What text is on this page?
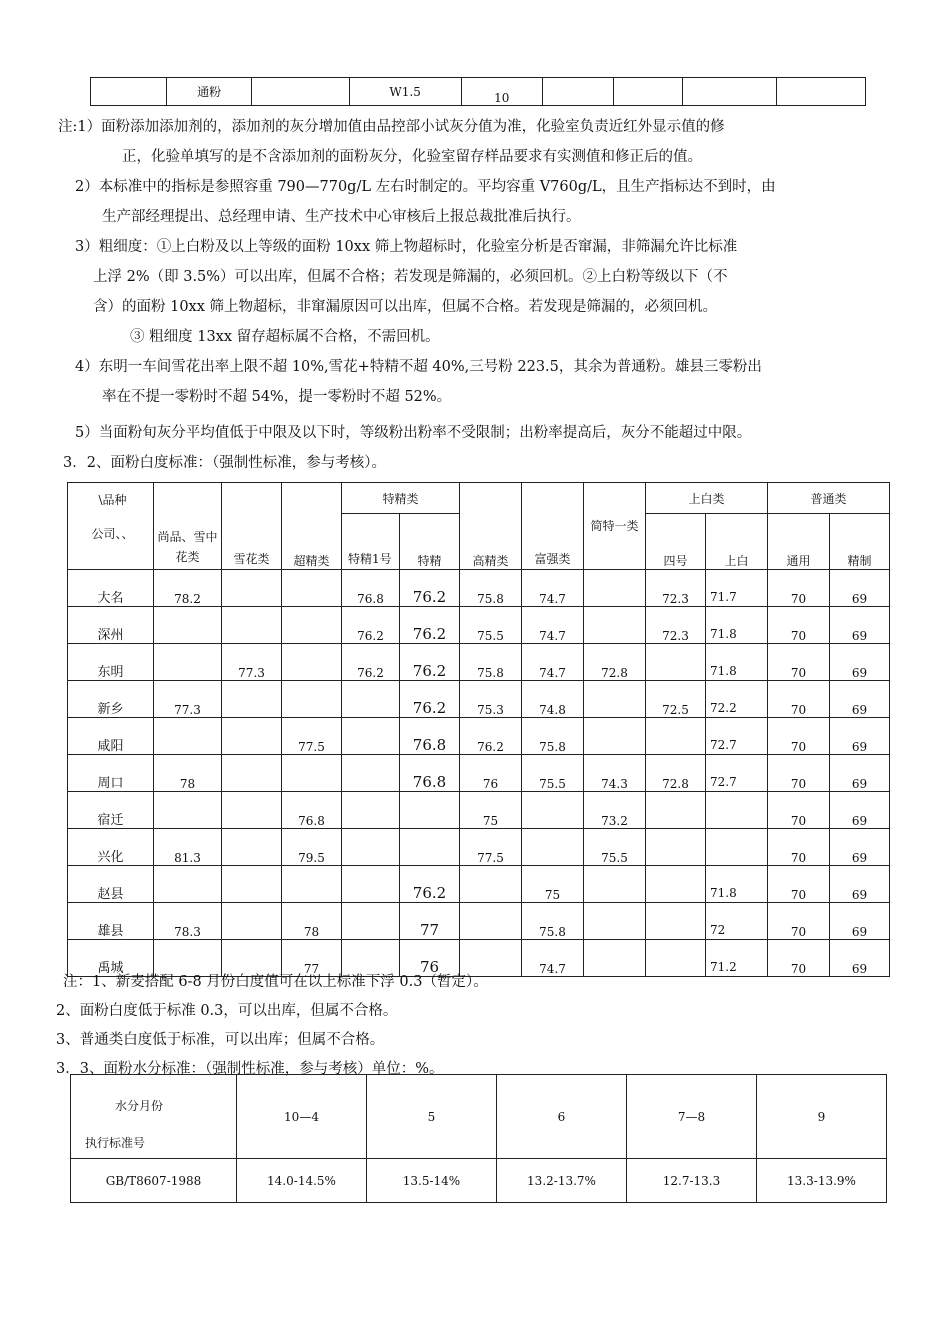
	通粉		W1.5	10				
注:1）面粉添加添加剂的，添加剂的灰分增加值由品控部小试灰分值为准，化验室负责近红外显示值的修
正，化验单填写的是不含添加剂的面粉灰分，化验室留存样品要求有实测值和修正后的值。
2）本标准中的指标是参照容重 790—770g/L 左右时制定的。平均容重 V760g/L，且生产指标达不到时，由
生产部经理提出、总经理申请、生产技术中心审核后上报总裁批准后执行。
3）粗细度：①上白粉及以上等级的面粉 10xx 筛上物超标时，化验室分析是否窜漏，非筛漏允许比标准
上浮 2%（即 3.5%）可以出库，但属不合格；若发现是筛漏的，必须回机。②上白粉等级以下（不
含）的面粉 10xx 筛上物超标，非窜漏原因可以出库，但属不合格。若发现是筛漏的，必须回机。
③ 粗细度 13xx 留存超标属不合格，不需回机。
4）东明一车间雪花出率上限不超 10%,雪花+特精不超 40%,三号粉 223.5，其余为普通粉。雄县三零粉出
率在不提一零粉时不超 54%，提一零粉时不超 52%。
5）当面粉旬灰分平均值低于中限及以下时，等级粉出粉率不受限制；出粉率提高后，灰分不能超过中限。
3．2、面粉白度标准：（强制性标准，参与考核）。
\品种
公司、、	尚品、雪中花类	雪花类	超精类	特精类		高精类	富强类	简特一类	上白类		普通类	
				特精1号	特精				四号	上白	通用	精制
大名	78.2			76.8	76.2	75.8	74.7		72.3	71.7	70	69
深州				76.2	76.2	75.5	74.7		72.3	71.8	70	69
东明		77.3		76.2	76.2	75.8	74.7	72.8		71.8	70	69
新乡	77.3				76.2	75.3	74.8		72.5	72.2	70	69
咸阳			77.5		76.8	76.2	75.8			72.7	70	69
周口	78				76.8	76	75.5	74.3	72.8	72.7	70	69
宿迁			76.8			75		73.2			70	69
兴化	81.3		79.5			77.5		75.5			70	69
赵县					76.2		75			71.8	70	69
雄县	78.3		78		77		75.8			72	70	69
禹城			77		76		74.7			71.2	70	69
注：1、新麦搭配 6-8 月份白度值可在以上标准下浮 0.3（暂定）。
2、面粉白度低于标准 0.3，可以出库，但属不合格。
3、普通类白度低于标准，可以出库；但属不合格。
3．3、面粉水分标准：（强制性标准，参与考核）单位：%。
水分月份
执行标准号	10—4	5	6	7—8	9
GB/T8607-1988	14.0-14.5%	13.5-14%	13.2-13.7%	12.7-13.3	13.3-13.9%
